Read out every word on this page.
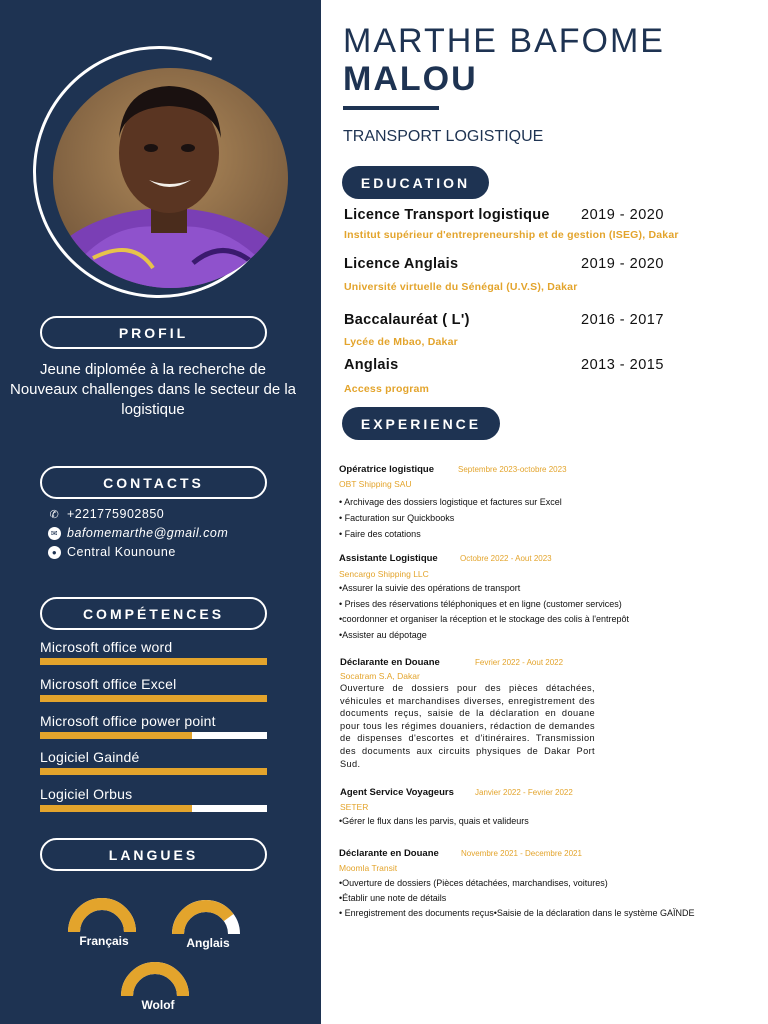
PROFIL
Jeune diplomée à la recherche de Nouveaux challenges dans le secteur de la logistique
CONTACTS
✆ +221775902850
✉ bafomemarthe@gmail.com
● Central Kounoune
COMPÉTENCES
Microsoft office word
Microsoft office Excel
Microsoft office power point
Logiciel Gaindé
Logiciel Orbus
LANGUES
Français	Anglais
Wolof
MARTHE BAFOME
MALOU
TRANSPORT LOGISTIQUE
EDUCATION
Licence Transport logistique 2019 - 2020
Institut supérieur d'entrepreneurship et de gestion (ISEG), Dakar
Licence Anglais	2019 - 2020
Université virtuelle du Sénégal (U.V.S), Dakar
Baccalauréat ( L')	2016 - 2017
Lycée de Mbao, Dakar
Anglais	2013 - 2015
Access program
EXPERIENCE
Opératrice logistique	Septembre 2023-octobre 2023
OBT Shipping SAU
• Archivage des dossiers logistique et factures sur Excel
• Facturation sur Quickbooks
• Faire des cotations
Assistante Logistique	Octobre 2022 - Aout 2023
Sencargo Shipping LLC
•Assurer la suivie des opérations de transport
• Prises des réservations téléphoniques et en ligne (customer services)
•coordonner et organiser la réception et le stockage des colis à l'entrepôt
•Assister au dépotage
Déclarante en Douane	Fevrier 2022 - Aout 2022
Socatram S.A, Dakar
Ouverture de dossiers pour des pièces détachées, véhicules et marchandises diverses, enregistrement des documents reçus, saisie de la déclaration en douane pour tous les régimes douaniers, rédaction de demandes de dispenses d'escortes et d'itinéraires. Transmission des documents aux circuits physiques de Dakar Port Sud.
Agent Service Voyageurs	Janvier 2022 - Fevrier 2022
SETER
•Gérer le flux dans les parvis, quais et valideurs
Déclarante en Douane	Novembre 2021 - Decembre 2021
Moomla Transit
•Ouverture de dossiers (Pièces détachées, marchandises, voitures)
•Établir une note de détails
• Enregistrement des documents reçus•Saisie de la déclaration dans le système GAÏNDE
